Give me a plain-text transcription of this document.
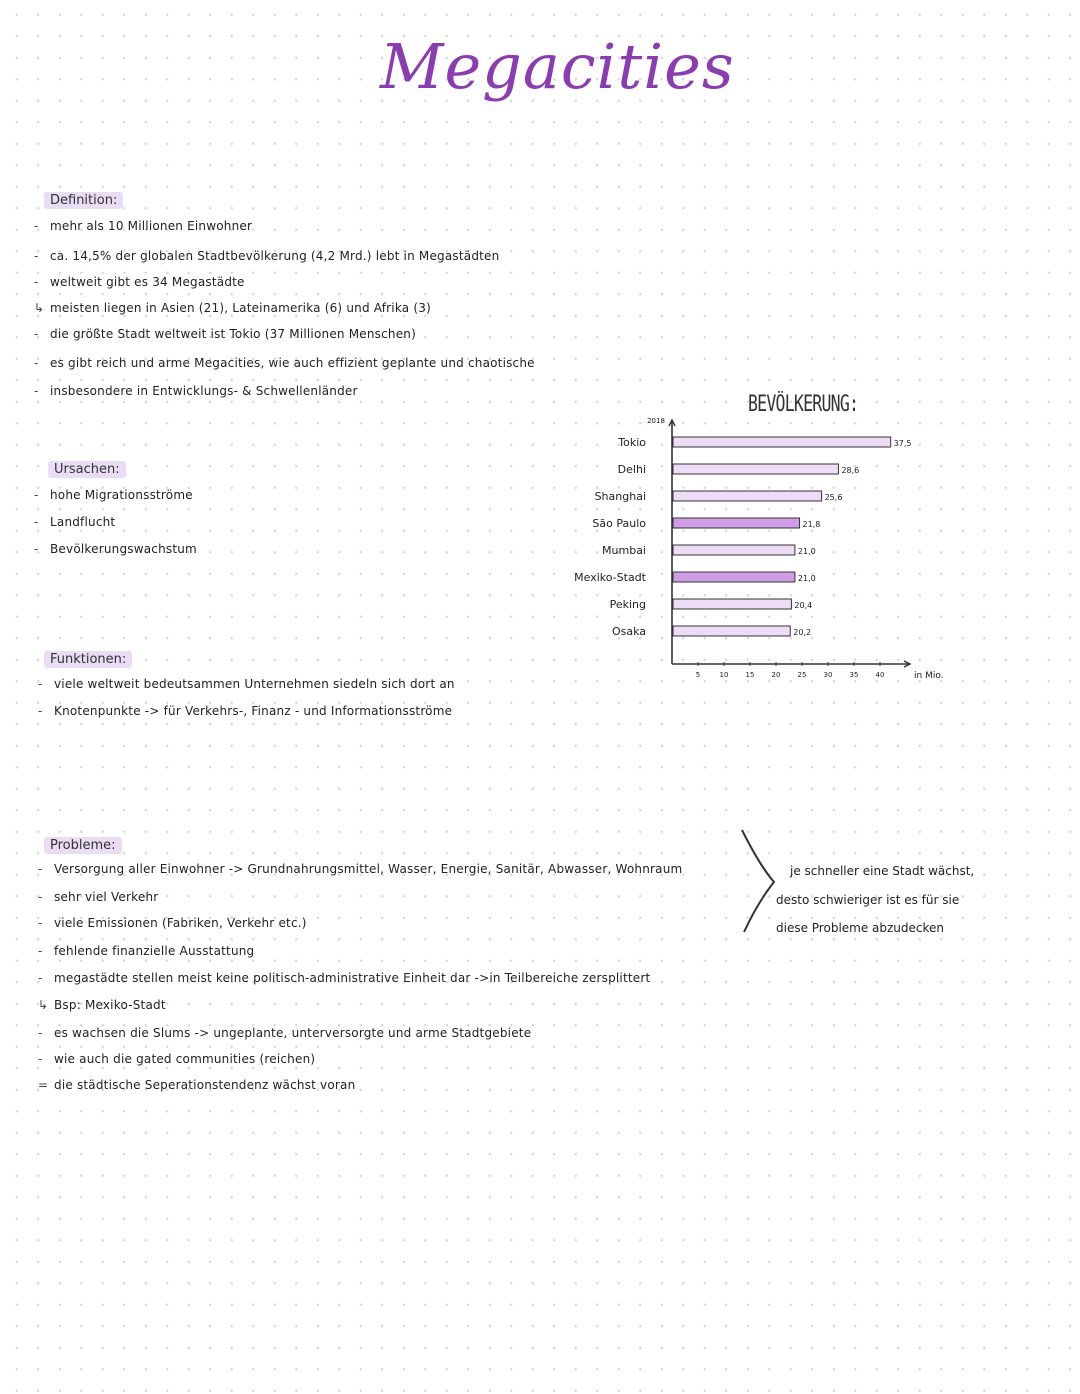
Megacities
Definition:
- mehr als 10 Millionen Einwohner
- ca. 14,5% der globalen Stadtbevölkerung (4,2 Mrd.) lebt in Megastädten
- weltweit gibt es 34 Megastädte
↳ meisten liegen in Asien (21), Lateinamerika (6) und Afrika (3)
- die größte Stadt weltweit ist Tokio (37 Millionen Menschen)
- es gibt reich und arme Megacities, wie auch effizient geplante und chaotische
- insbesondere in Entwicklungs- & Schwellenländer
Ursachen:
- hohe Migrationsströme
- Landflucht
- Bevölkerungswachstum
Funktionen:
- viele weltweit bedeutsammen Unternehmen siedeln sich dort an
- Knotenpunkte -> für Verkehrs-, Finanz - und Informationsströme
Probleme:
- Versorgung aller Einwohner -> Grundnahrungsmittel, Wasser, Energie, Sanitär, Abwasser, Wohnraum
- sehr viel Verkehr
- viele Emissionen (Fabriken, Verkehr etc.)
- fehlende finanzielle Ausstattung
- megastädte stellen meist keine politisch-administrative Einheit dar ->in Teilbereiche zersplittert
↳ Bsp: Mexiko-Stadt
- es wachsen die Slums -> ungeplante, unterversorgte und arme Stadtgebiete
- wie auch die gated communities (reichen)
= die städtische Seperationstendenz wächst voran
je schneller eine Stadt wächst,
desto schwieriger ist es für sie
diese Probleme abzudecken
BEVÖLKERUNG:
2018
Tokio	37,5
Delhi	28,6
Shanghai	25,6
São Paulo	21,8
Mumbai	21,0
Mexiko-Stadt	21,0
Peking	20,4
Osaka	20,2
5	10 15 20 25 30 35 40	in Mio.
